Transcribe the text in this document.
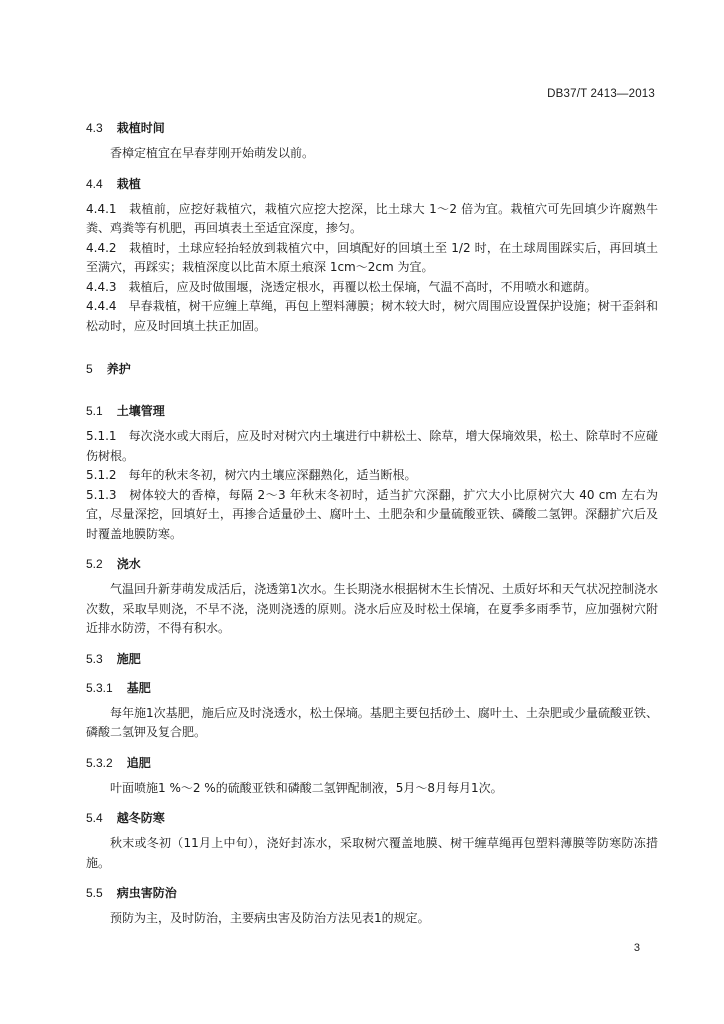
DB37/T 2413—2013

4.3 栽植时间

香樟定植宜在早春芽刚开始萌发以前。

4.4 栽植

4.4.1　栽植前，应挖好栽植穴，栽植穴应挖大挖深，比土球大 1～2 倍为宜。栽植穴可先回填少许腐熟牛粪、鸡粪等有机肥，再回填表土至适宜深度，掺匀。

4.4.2　栽植时，土球应轻抬轻放到栽植穴中，回填配好的回填土至 1/2 时，在土球周围踩实后，再回填土至满穴，再踩实；栽植深度以比苗木原土痕深 1cm～2cm 为宜。

4.4.3　栽植后，应及时做围堰，浇透定根水，再覆以松土保墒，气温不高时，不用喷水和遮荫。

4.4.4　早春栽植，树干应缠上草绳，再包上塑料薄膜；树木较大时，树穴周围应设置保护设施；树干歪斜和松动时，应及时回填土扶正加固。

5 养护

5.1 土壤管理

5.1.1　每次浇水或大雨后，应及时对树穴内土壤进行中耕松土、除草，增大保墒效果，松土、除草时不应碰伤树根。

5.1.2　每年的秋末冬初，树穴内土壤应深翻熟化，适当断根。

5.1.3　树体较大的香樟，每隔 2～3 年秋末冬初时，适当扩穴深翻，扩穴大小比原树穴大 40 cm 左右为宜，尽量深挖，回填好土，再掺合适量砂土、腐叶土、土肥杂和少量硫酸亚铁、磷酸二氢钾。深翻扩穴后及时覆盖地膜防寒。

5.2 浇水

气温回升新芽萌发成活后，浇透第1次水。生长期浇水根据树木生长情况、土质好坏和天气状况控制浇水次数，采取旱则浇，不旱不浇，浇则浇透的原则。浇水后应及时松土保墒，在夏季多雨季节，应加强树穴附近排水防涝，不得有积水。

5.3 施肥

5.3.1 基肥

每年施1次基肥，施后应及时浇透水，松土保墒。基肥主要包括砂土、腐叶土、土杂肥或少量硫酸亚铁、磷酸二氢钾及复合肥。

5.3.2 追肥

叶面喷施1 %～2 %的硫酸亚铁和磷酸二氢钾配制液，5月～8月每月1次。

5.4 越冬防寒

秋末或冬初（11月上中旬），浇好封冻水，采取树穴覆盖地膜、树干缠草绳再包塑料薄膜等防寒防冻措施。

5.5 病虫害防治

预防为主，及时防治，主要病虫害及防治方法见表1的规定。

3
